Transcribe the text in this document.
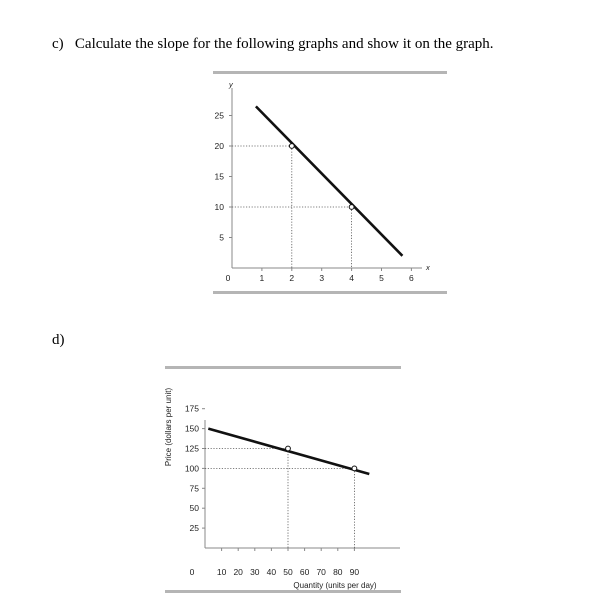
c)   Calculate the slope for the following graphs and show it on the graph.
d)
y
x
0
5
10
15
20
25
1	2	3	4	5	6
0
Quantity (units per day)
Price (dollars per unit)
25
50
75
100
125
150
175
10 20 30 40 50 60 70 80 90
